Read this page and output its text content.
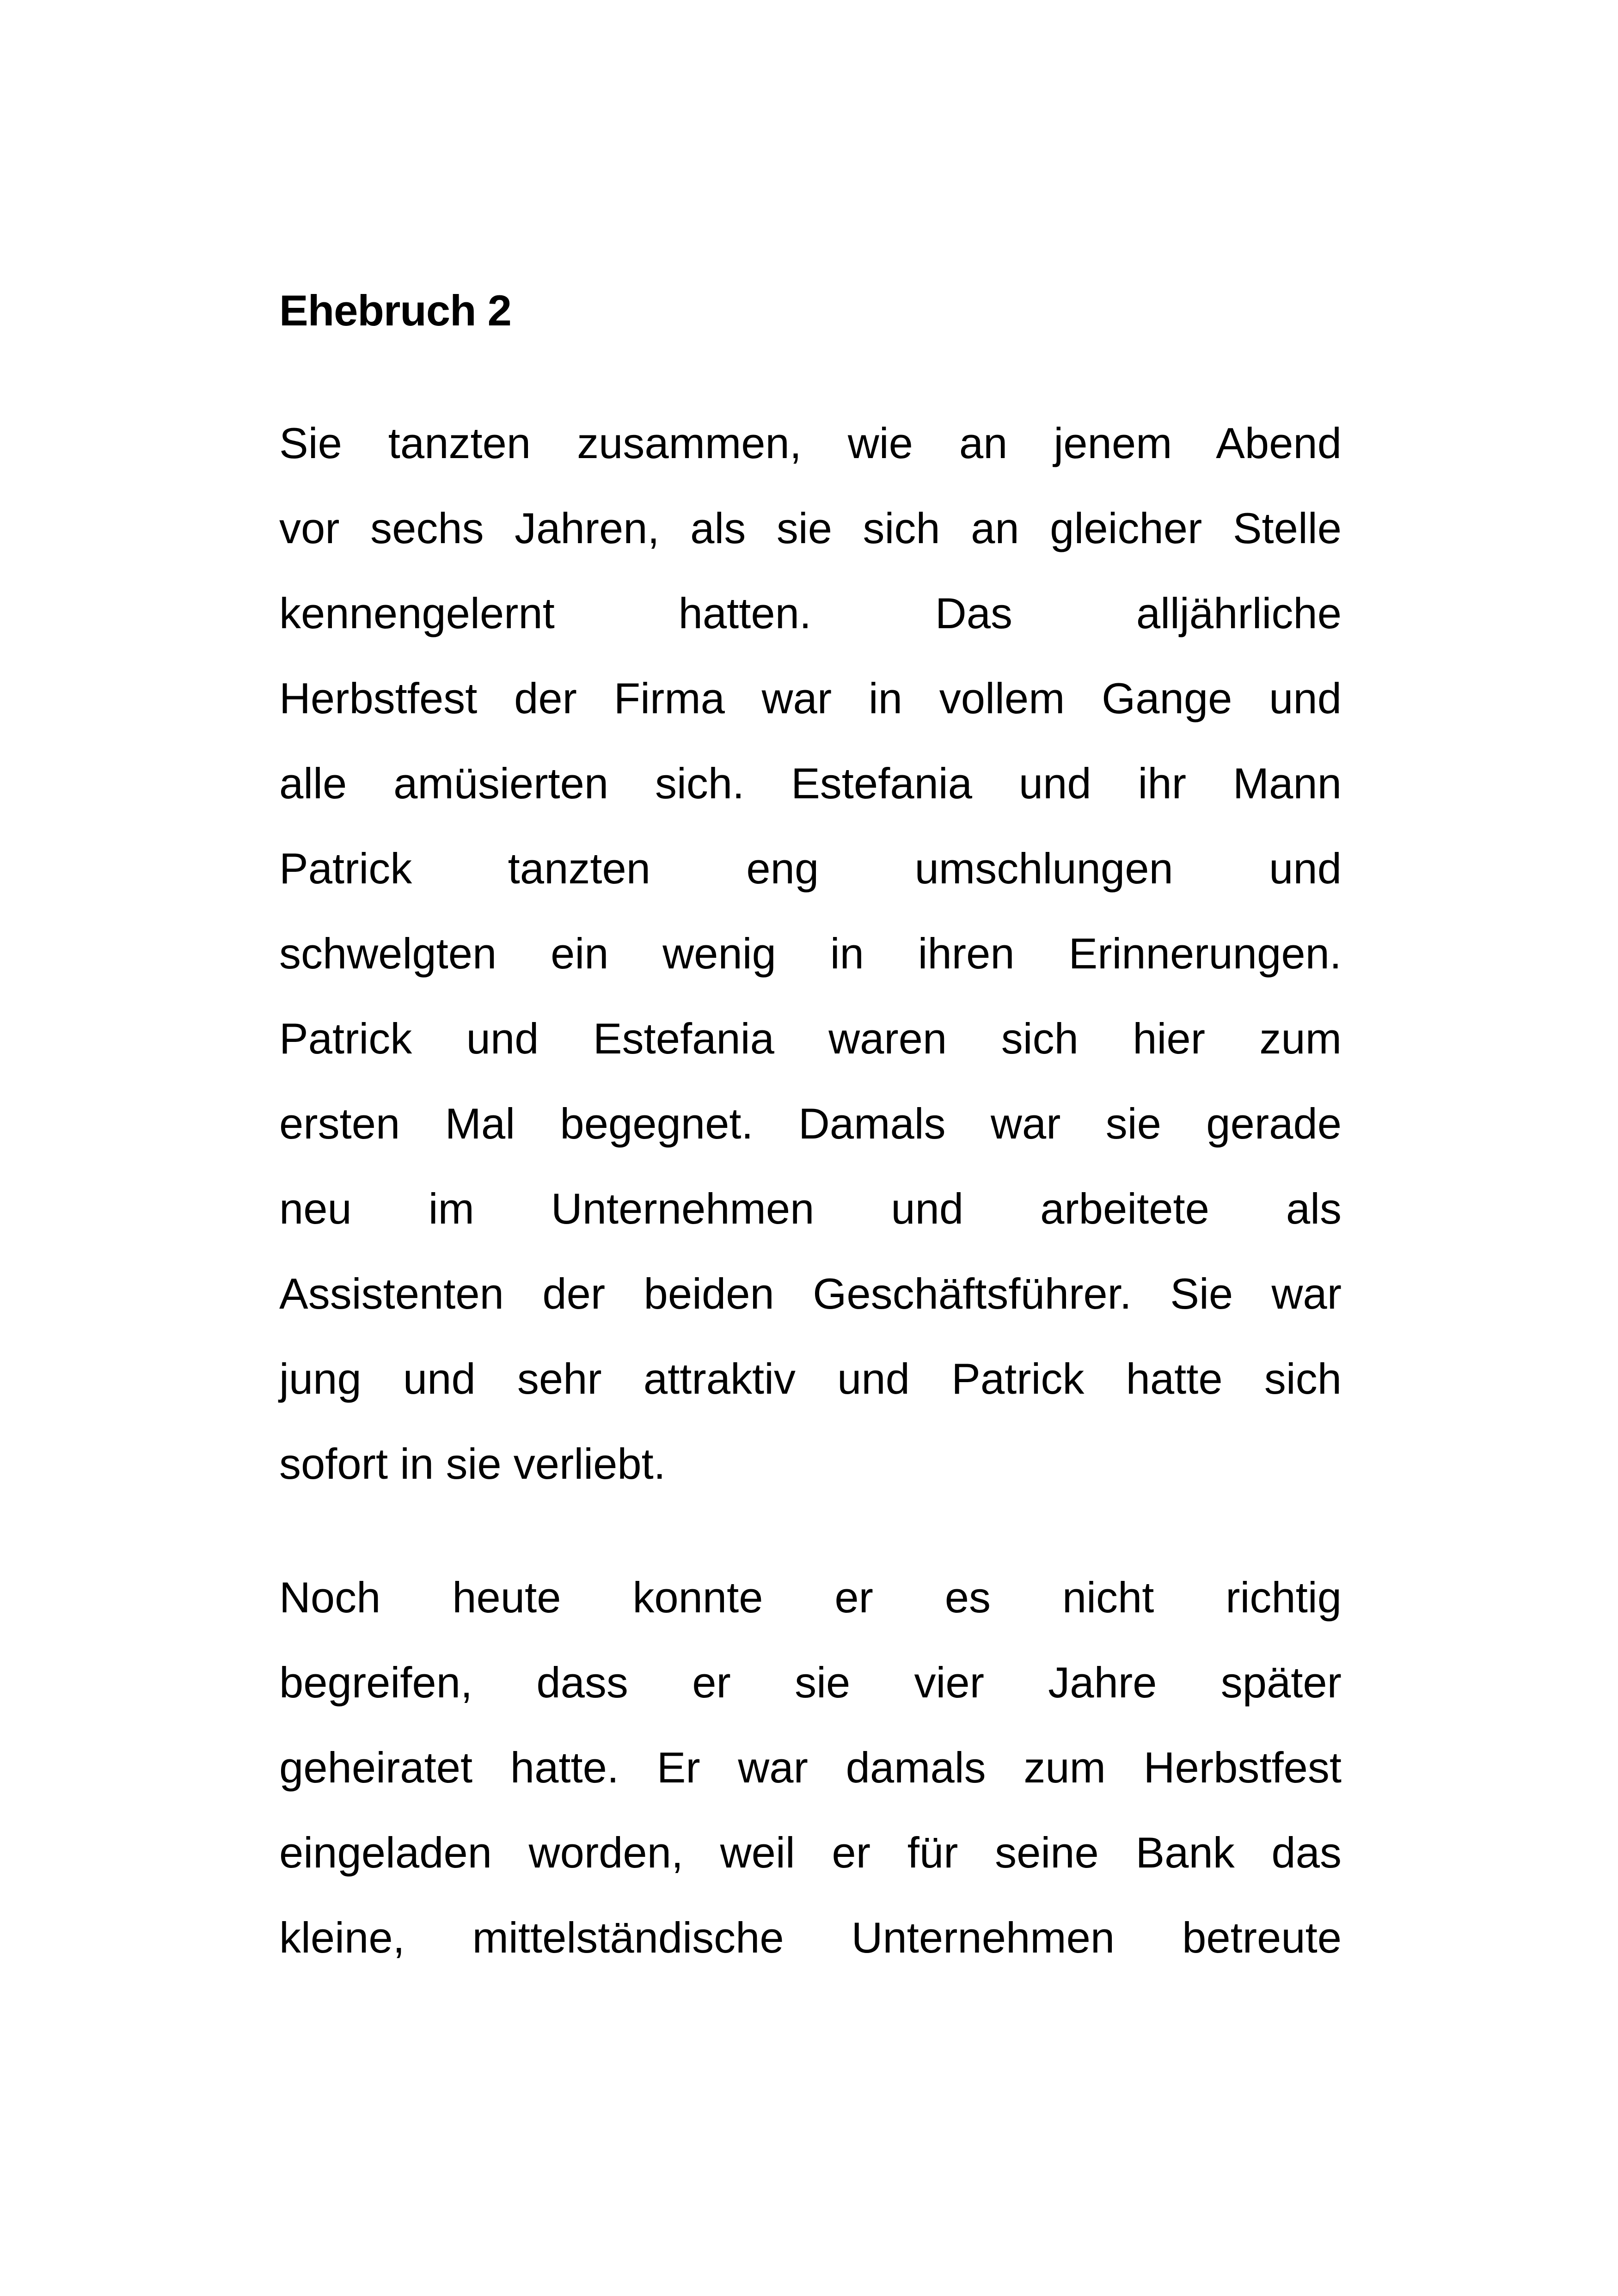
Ehebruch 2
Sie tanzten zusammen, wie an jenem Abend
vor sechs Jahren, als sie sich an gleicher Stelle
kennengelernt hatten. Das alljährliche
Herbstfest der Firma war in vollem Gange und
alle amüsierten sich. Estefania und ihr Mann
Patrick tanzten eng umschlungen und
schwelgten ein wenig in ihren Erinnerungen.
Patrick und Estefania waren sich hier zum
ersten Mal begegnet. Damals war sie gerade
neu im Unternehmen und arbeitete als
Assistenten der beiden Geschäftsführer. Sie war
jung und sehr attraktiv und Patrick hatte sich
sofort in sie verliebt.
Noch heute konnte er es nicht richtig
begreifen, dass er sie vier Jahre später
geheiratet hatte. Er war damals zum Herbstfest
eingeladen worden, weil er für seine Bank das
kleine, mittelständische Unternehmen betreute
